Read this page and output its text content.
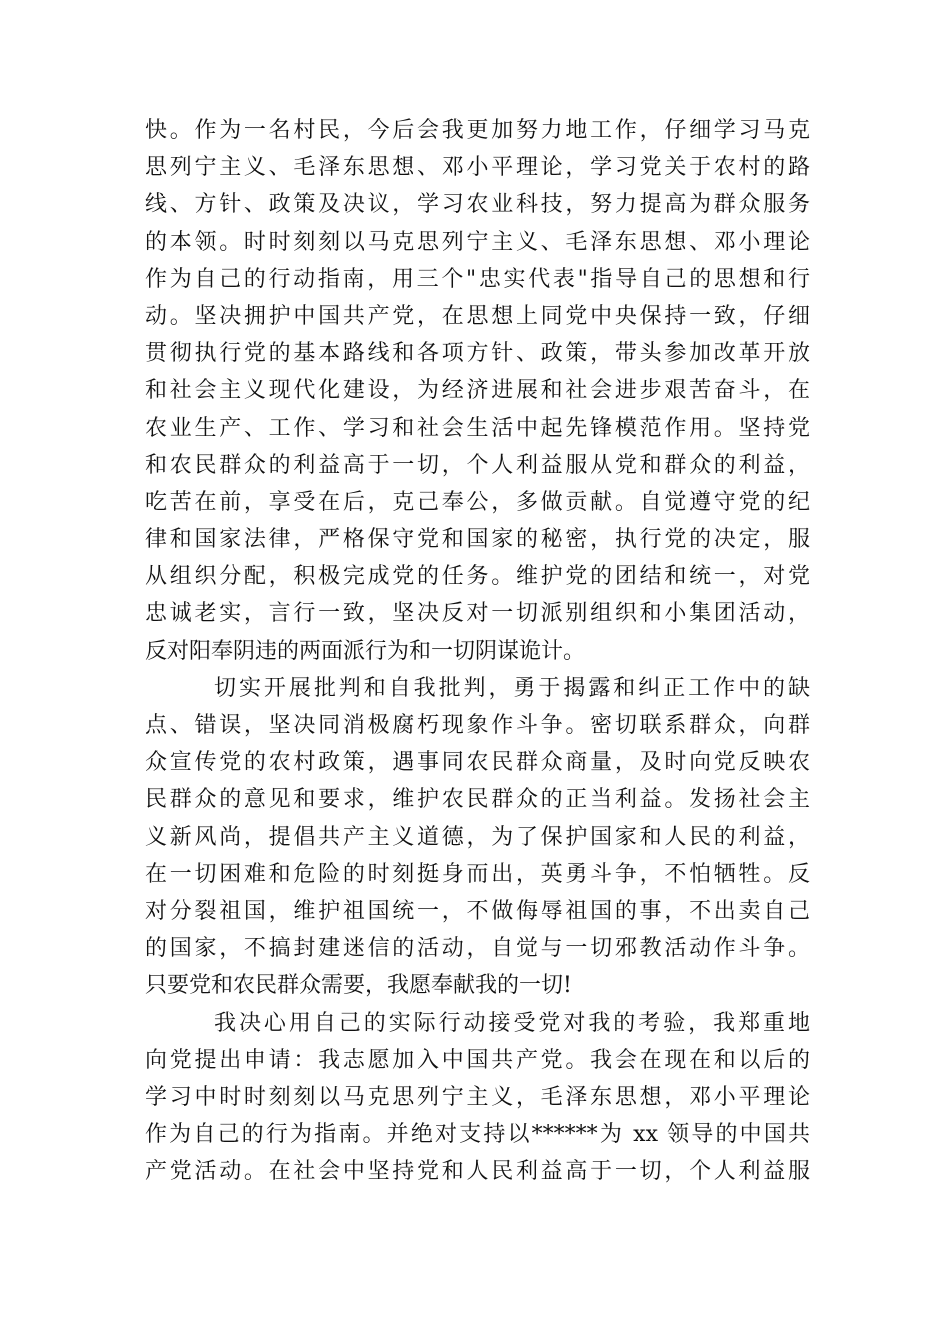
快。作为一名村民，今后会我更加努力地工作，仔细学习马克
思列宁主义、毛泽东思想、邓小平理论，学习党关于农村的路
线、方针、政策及决议，学习农业科技，努力提高为群众服务
的本领。时时刻刻以马克思列宁主义、毛泽东思想、邓小理论
作为自己的行动指南，用三个"忠实代表"指导自己的思想和行
动。坚决拥护中国共产党，在思想上同党中央保持一致，仔细
贯彻执行党的基本路线和各项方针、政策，带头参加改革开放
和社会主义现代化建设，为经济进展和社会进步艰苦奋斗，在
农业生产、工作、学习和社会生活中起先锋模范作用。坚持党
和农民群众的利益高于一切，个人利益服从党和群众的利益，
吃苦在前，享受在后，克己奉公，多做贡献。自觉遵守党的纪
律和国家法律，严格保守党和国家的秘密，执行党的决定，服
从组织分配，积极完成党的任务。维护党的团结和统一，对党
忠诚老实，言行一致，坚决反对一切派别组织和小集团活动，
反对阳奉阴违的两面派行为和一切阴谋诡计。
切实开展批判和自我批判，勇于揭露和纠正工作中的缺
点、错误，坚决同消极腐朽现象作斗争。密切联系群众，向群
众宣传党的农村政策，遇事同农民群众商量，及时向党反映农
民群众的意见和要求，维护农民群众的正当利益。发扬社会主
义新风尚，提倡共产主义道德，为了保护国家和人民的利益，
在一切困难和危险的时刻挺身而出，英勇斗争，不怕牺牲。反
对分裂祖国，维护祖国统一，不做侮辱祖国的事，不出卖自己
的国家，不搞封建迷信的活动，自觉与一切邪教活动作斗争。
只要党和农民群众需要，我愿奉献我的一切!
我决心用自己的实际行动接受党对我的考验，我郑重地
向党提出申请：我志愿加入中国共产党。我会在现在和以后的
学习中时时刻刻以马克思列宁主义，毛泽东思想，邓小平理论
作为自己的行为指南。并绝对支持以******为 xx 领导的中国共
产党活动。在社会中坚持党和人民利益高于一切，个人利益服
